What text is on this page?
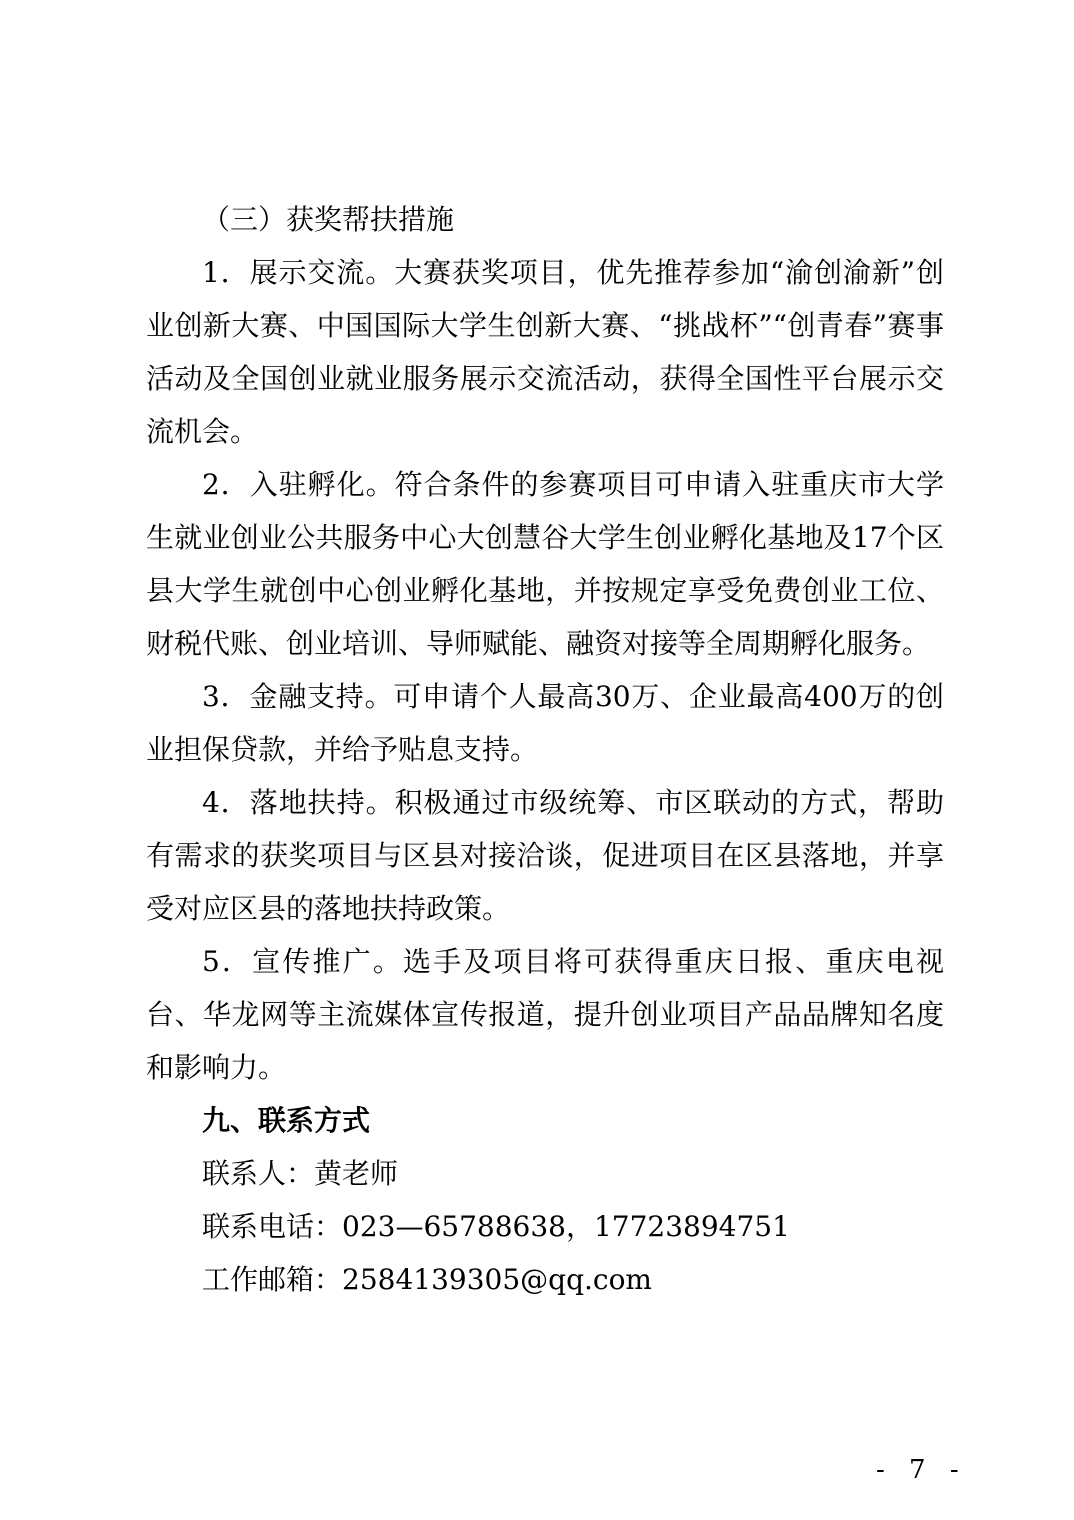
（三）获奖帮扶措施

1．展示交流。大赛获奖项目，优先推荐参加“渝创渝新”创业创新大赛、中国国际大学生创新大赛、“挑战杯”“创青春”赛事活动及全国创业就业服务展示交流活动，获得全国性平台展示交流机会。

2．入驻孵化。符合条件的参赛项目可申请入驻重庆市大学生就业创业公共服务中心大创慧谷大学生创业孵化基地及17个区县大学生就创中心创业孵化基地，并按规定享受免费创业工位、财税代账、创业培训、导师赋能、融资对接等全周期孵化服务。

3．金融支持。可申请个人最高30万、企业最高400万的创业担保贷款，并给予贴息支持。

4．落地扶持。积极通过市级统筹、市区联动的方式，帮助有需求的获奖项目与区县对接洽谈，促进项目在区县落地，并享受对应区县的落地扶持政策。

5．宣传推广。选手及项目将可获得重庆日报、重庆电视台、华龙网等主流媒体宣传报道，提升创业项目产品品牌知名度和影响力。

九、联系方式

联系人：黄老师

联系电话：023—65788638，17723894751

工作邮箱：2584139305@qq.com

- 7 -
